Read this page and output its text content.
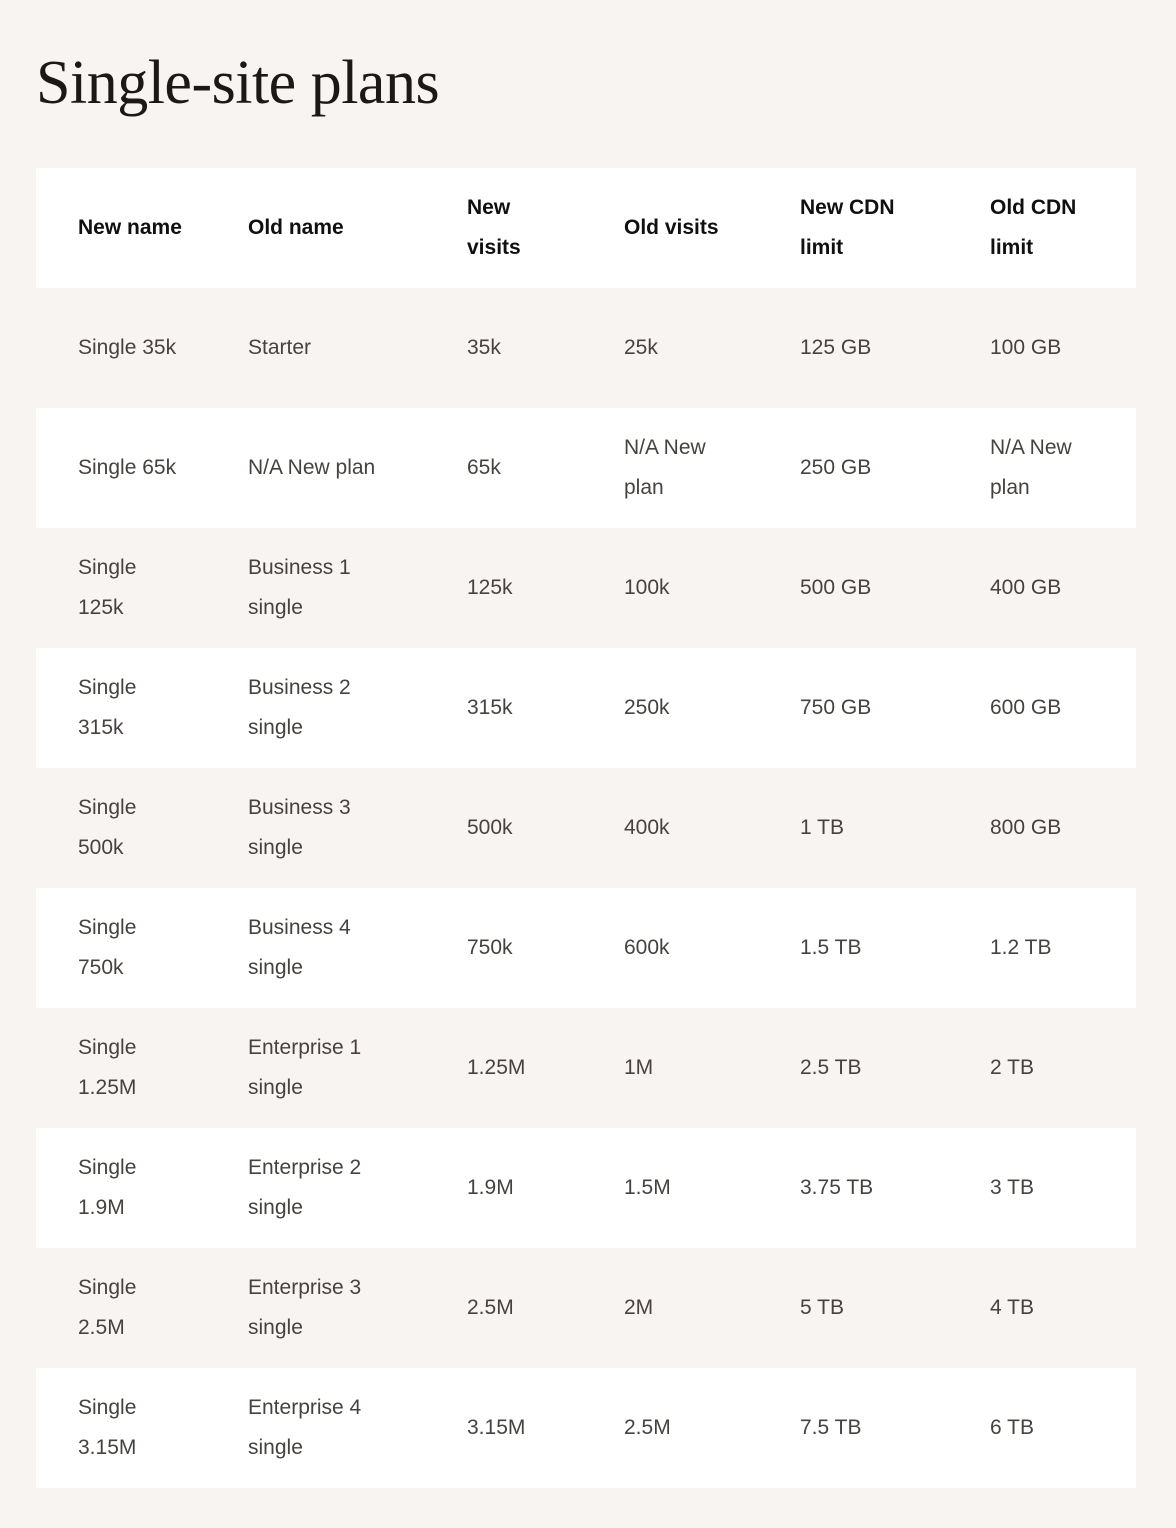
Single-site plans
New name	Old name	New visits	Old visits	New CDN limit	Old CDN limit
Single 35k	Starter	35k	25k	125 GB	100 GB
Single 65k	N/A New plan	65k	N/A New plan	250 GB	N/A New plan
Single 125k	Business 1 single	125k	100k	500 GB	400 GB
Single 315k	Business 2 single	315k	250k	750 GB	600 GB
Single 500k	Business 3 single	500k	400k	1 TB	800 GB
Single 750k	Business 4 single	750k	600k	1.5 TB	1.2 TB
Single 1.25M	Enterprise 1 single	1.25M	1M	2.5 TB	2 TB
Single 1.9M	Enterprise 2 single	1.9M	1.5M	3.75 TB	3 TB
Single 2.5M	Enterprise 3 single	2.5M	2M	5 TB	4 TB
Single 3.15M	Enterprise 4 single	3.15M	2.5M	7.5 TB	6 TB
